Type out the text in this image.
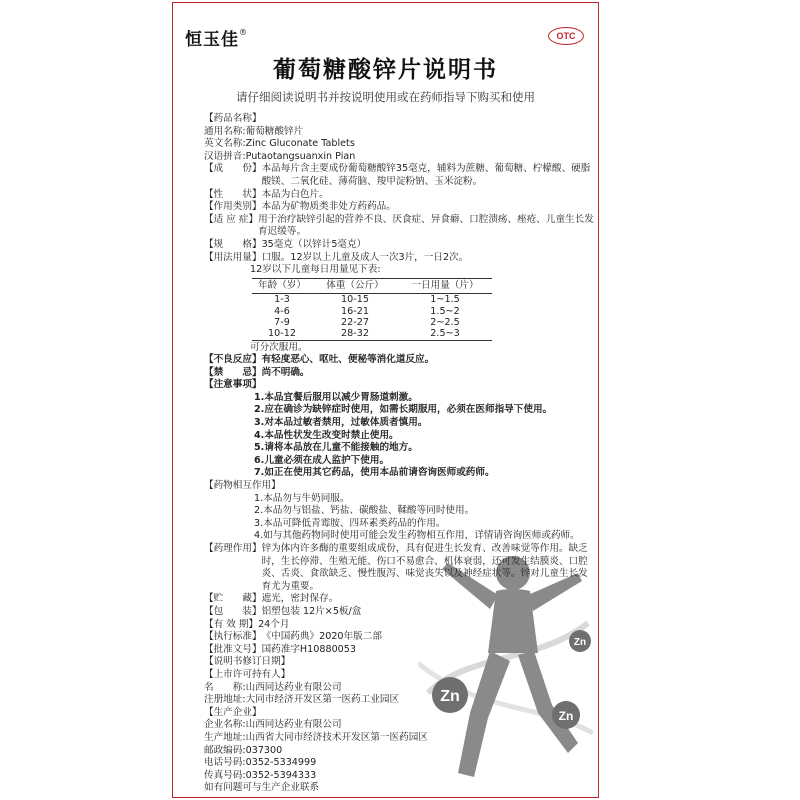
恒玉佳®	OTC
葡萄糖酸锌片说明书
请仔细阅读说明书并按说明使用或在药师指导下购买和使用
Zn
Zn
Zn
【药品名称】
通用名称: 葡萄糖酸锌片
英文名称: Zinc Gluconate Tablets
汉语拼音: Putaotangsuanxin Pian
【成　　份】 本品每片含主要成份葡萄糖酸锌35毫克，辅料为蔗糖、葡萄糖、柠檬酸、硬脂酸镁、二氧化硅、薄荷脑、羧甲淀粉钠、玉米淀粉。
【性　　状】 本品为白色片。
【作用类别】 本品为矿物质类非处方药药品。
【适 应 症】 用于治疗缺锌引起的营养不良、厌食症、异食癖、口腔溃疡、痤疮、儿童生长发育迟缓等。
【规　　格】 35毫克（以锌计5毫克）
【用法用量】 口服。12岁以上儿童及成人一次3片，一日2次。
12岁以下儿童每日用量见下表:
年龄（岁）	体重（公斤）	一日用量（片）
1-3	10-15	1~1.5
4-6	16-21	1.5~2
7-9	22-27	2~2.5
10-12	28-32	2.5~3
可分次服用。
【不良反应】 有轻度恶心、呕吐、便秘等消化道反应。
【禁　　忌】 尚不明确。
【注意事项】
1.本品宜餐后服用以减少胃肠道刺激。
2.应在确诊为缺锌症时使用，如需长期服用，必须在医师指导下使用。
3.对本品过敏者禁用，过敏体质者慎用。
4.本品性状发生改变时禁止使用。
5.请将本品放在儿童不能接触的地方。
6.儿童必须在成人监护下使用。
7.如正在使用其它药品，使用本品前请咨询医师或药师。
【药物相互作用】
1.本品勿与牛奶同服。
2.本品勿与铝盐、钙盐、碳酸盐、鞣酸等同时使用。
3.本品可降低青霉胺、四环素类药品的作用。
4.如与其他药物同时使用可能会发生药物相互作用，详情请咨询医师或药师。
【药理作用】 锌为体内许多酶的重要组成成份，具有促进生长发育、改善味觉等作用。缺乏时，生长停滞、生殖无能、伤口不易愈合、机体衰弱，还可发生结膜炎、口腔炎、舌炎、食欲缺乏、慢性腹泻、味觉丧失以及神经症状等。锌对儿童生长发育尤为重要。
【贮　　藏】 遮光，密封保存。
【包　　装】 铝塑包装 12片×5板/盒
【有 效 期】 24个月
【执行标准】 《中国药典》2020年版二部
【批准文号】 国药准字H10880053
【说明书修订日期】
【上市许可持有人】
名　　称: 山西同达药业有限公司
注册地址: 大同市经济开发区第一医药工业园区
【生产企业】
企业名称: 山西同达药业有限公司
生产地址: 山西省大同市经济技术开发区第一医药园区
邮政编码: 037300
电话号码: 0352-5334999
传真号码: 0352-5394333
如有问题可与生产企业联系
